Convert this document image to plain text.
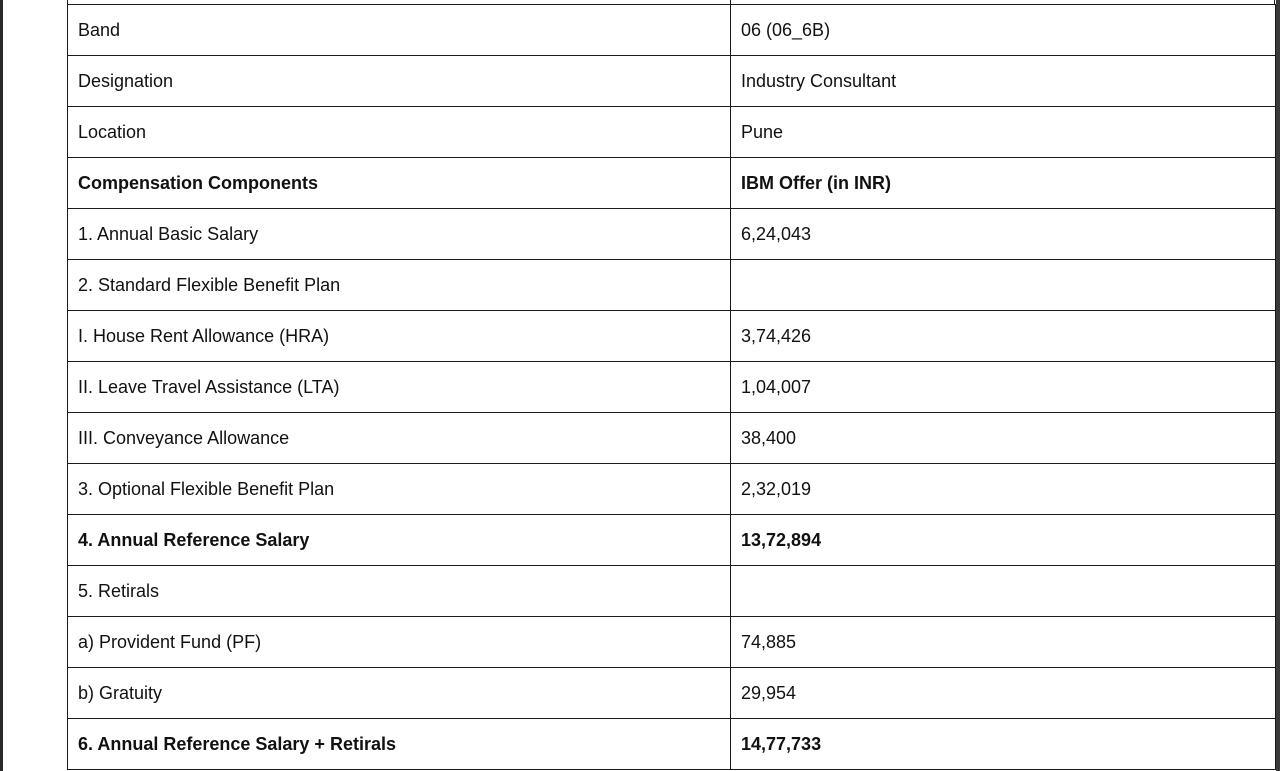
Band	06 (06_6B)
Designation	Industry Consultant
Location	Pune
Compensation Components	IBM Offer (in INR)
1. Annual Basic Salary	6,24,043
2. Standard Flexible Benefit Plan	
I. House Rent Allowance (HRA)	3,74,426
II. Leave Travel Assistance (LTA)	1,04,007
III. Conveyance Allowance	38,400
3. Optional Flexible Benefit Plan	2,32,019
4. Annual Reference Salary	13,72,894
5. Retirals	
a) Provident Fund (PF)	74,885
b) Gratuity	29,954
6. Annual Reference Salary + Retirals	14,77,733
